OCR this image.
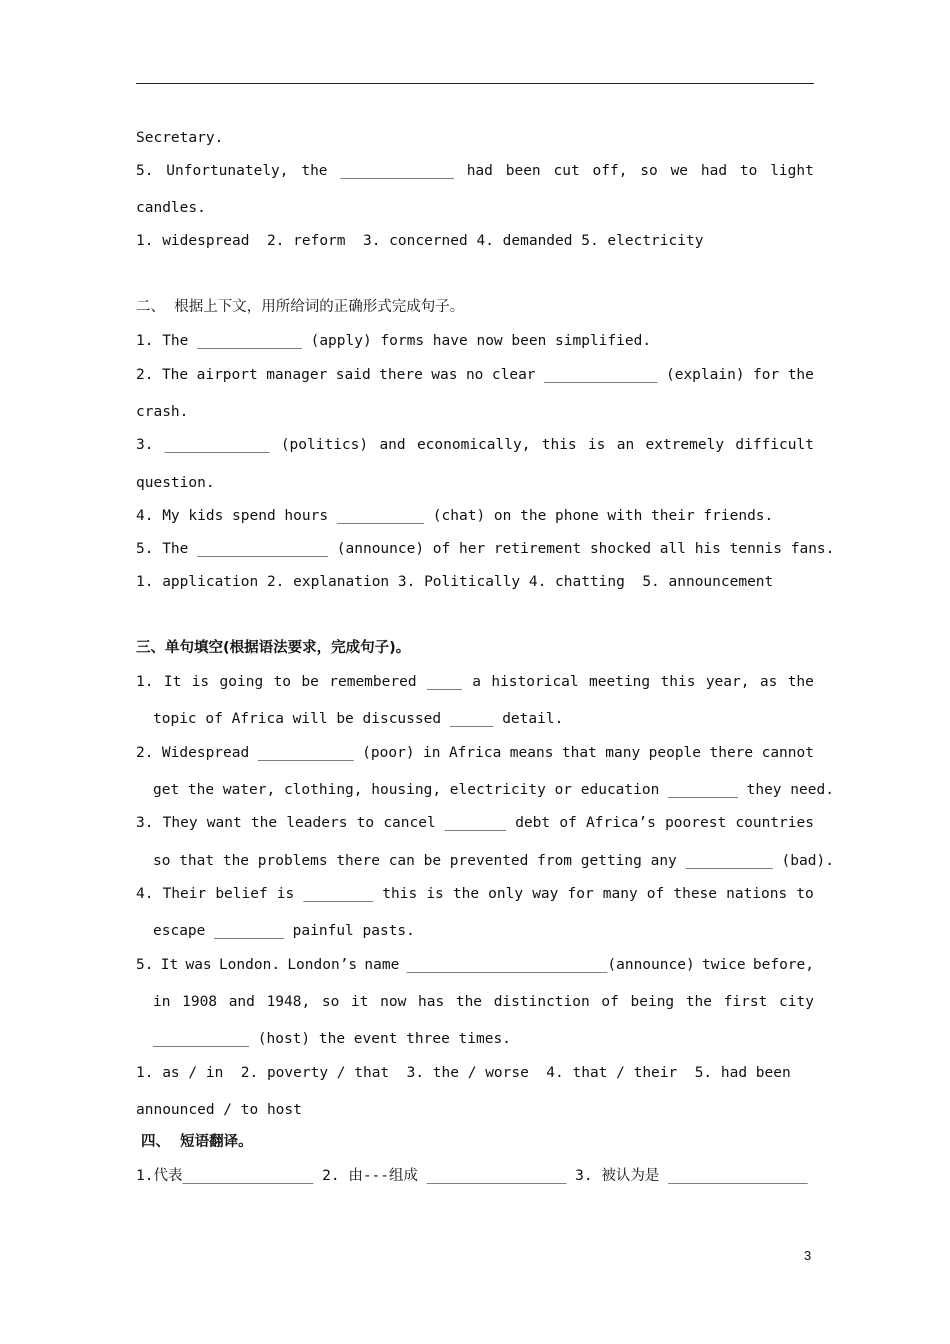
Secretary.
5. Unfortunately, the _____________ had been cut off, so we had to light
candles.
1. widespread  2. reform  3. concerned 4. demanded 5. electricity
二、  根据上下文，用所给词的正确形式完成句子。
1. The ____________ (apply) forms have now been simplified.
2. The airport manager said there was no clear _____________ (explain) for the
crash.
3. ____________ (politics) and economically, this is an extremely difficult
question.
4. My kids spend hours __________ (chat) on the phone with their friends.
5. The _______________ (announce) of her retirement shocked all his tennis fans.
1. application 2. explanation 3. Politically 4. chatting  5. announcement
三、单句填空(根据语法要求，完成句子)。
1. It is going to be remembered ____ a historical meeting this year, as the
topic of Africa will be discussed _____ detail.
2. Widespread ___________ (poor) in Africa means that many people there cannot
get the water, clothing, housing, electricity or education ________ they need.
3. They want the leaders to cancel _______ debt of Africa’s poorest countries
so that the problems there can be prevented from getting any __________ (bad).
4. Their belief is ________ this is the only way for many of these nations to
escape ________ painful pasts.
5. It was London. London’s name _______________________(announce) twice before,
in 1908 and 1948, so it now has the distinction of being the first city
___________ (host) the event three times.
1. as / in  2. poverty / that  3. the / worse  4. that / their  5. had been
announced / to host
四、  短语翻译。
1.代表_______________ 2. 由---组成 ________________ 3. 被认为是 ________________
3
